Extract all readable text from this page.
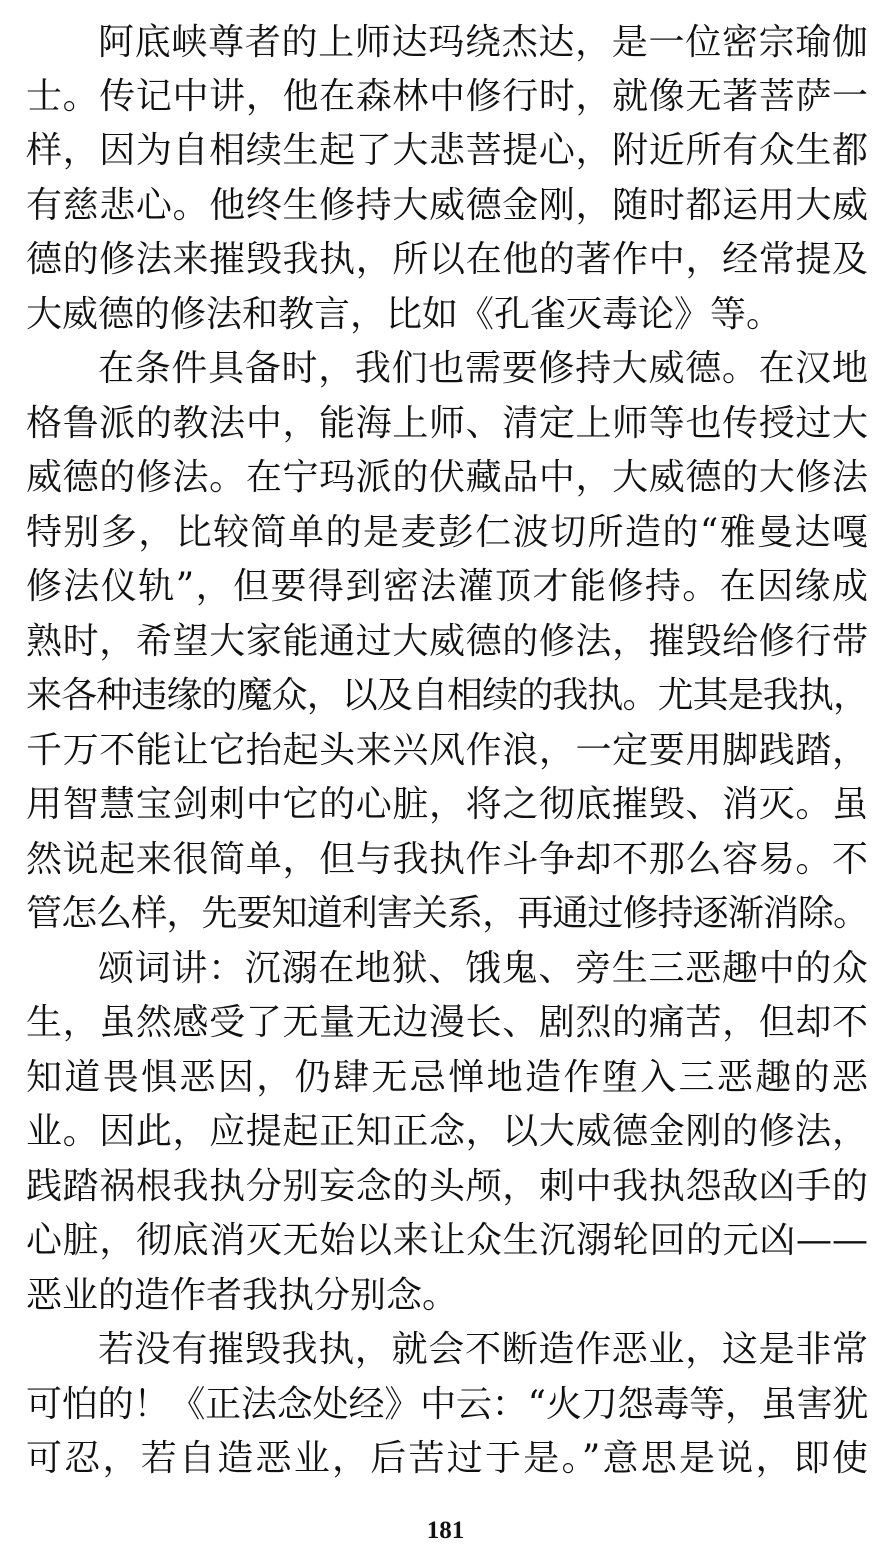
阿底峡尊者的上师达玛绕杰达，是一位密宗瑜伽
士。传记中讲，他在森林中修行时，就像无著菩萨一
样，因为自相续生起了大悲菩提心，附近所有众生都
有慈悲心。他终生修持大威德金刚，随时都运用大威
德的修法来摧毁我执，所以在他的著作中，经常提及
大威德的修法和教言，比如《孔雀灭毒论》等。
在条件具备时，我们也需要修持大威德。在汉地
格鲁派的教法中，能海上师、清定上师等也传授过大
威德的修法。在宁玛派的伏藏品中，大威德的大修法
特别多，比较简单的是麦彭仁波切所造的“雅曼达嘎
修法仪轨”，但要得到密法灌顶才能修持。在因缘成
熟时，希望大家能通过大威德的修法，摧毁给修行带
来各种违缘的魔众，以及自相续的我执。尤其是我执，
千万不能让它抬起头来兴风作浪，一定要用脚践踏，
用智慧宝剑刺中它的心脏，将之彻底摧毁、消灭。虽
然说起来很简单，但与我执作斗争却不那么容易。不
管怎么样，先要知道利害关系，再通过修持逐渐消除。
颂词讲：沉溺在地狱、饿鬼、旁生三恶趣中的众
生，虽然感受了无量无边漫长、剧烈的痛苦，但却不
知道畏惧恶因，仍肆无忌惮地造作堕入三恶趣的恶
业。因此，应提起正知正念，以大威德金刚的修法，
践踏祸根我执分别妄念的头颅，刺中我执怨敌凶手的
心脏，彻底消灭无始以来让众生沉溺轮回的元凶——
恶业的造作者我执分别念。
若没有摧毁我执，就会不断造作恶业，这是非常
可怕的！《正法念处经》中云：“火刀怨毒等，虽害犹
可忍，若自造恶业，后苦过于是。”意思是说，即使
181
